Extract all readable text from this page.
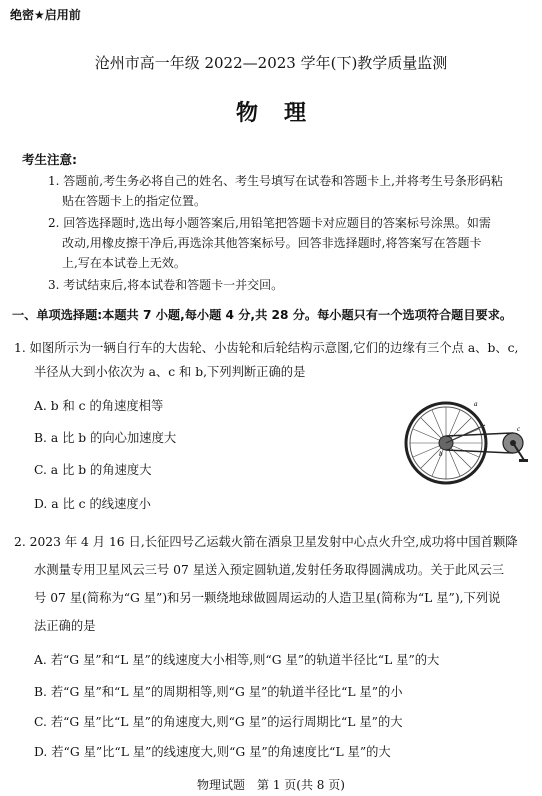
绝密★启用前
沧州市高一年级 2022—2023 学年(下)教学质量监测
物理
考生注意:
1. 答题前,考生务必将自己的姓名、考生号填写在试卷和答题卡上,并将考生号条形码粘
贴在答题卡上的指定位置。
2. 回答选择题时,选出每小题答案后,用铅笔把答题卡对应题目的答案标号涂黑。如需
改动,用橡皮擦干净后,再选涂其他答案标号。回答非选择题时,将答案写在答题卡
上,写在本试卷上无效。
3. 考试结束后,将本试卷和答题卡一并交回。
一、单项选择题:本题共 7 小题,每小题 4 分,共 28 分。每小题只有一个选项符合题目要求。
1. 如图所示为一辆自行车的大齿轮、小齿轮和后轮结构示意图,它们的边缘有三个点 a、b、c,
半径从大到小依次为 a、c 和 b,下列判断正确的是
A. b 和 c 的角速度相等
B. a 比 b 的向心加速度大
C. a 比 b 的角速度大
D. a 比 c 的线速度小
a
b
c
2. 2023 年 4 月 16 日,长征四号乙运载火箭在酒泉卫星发射中心点火升空,成功将中国首颗降
水测量专用卫星风云三号 07 星送入预定圆轨道,发射任务取得圆满成功。关于此风云三
号 07 星(简称为“G 星”)和另一颗绕地球做圆周运动的人造卫星(简称为“L 星”),下列说
法正确的是
A. 若“G 星”和“L 星”的线速度大小相等,则“G 星”的轨道半径比“L 星”的大
B. 若“G 星”和“L 星”的周期相等,则“G 星”的轨道半径比“L 星”的小
C. 若“G 星”比“L 星”的角速度大,则“G 星”的运行周期比“L 星”的大
D. 若“G 星”比“L 星”的线速度大,则“G 星”的角速度比“L 星”的大
物理试题　第 1 页(共 8 页)
